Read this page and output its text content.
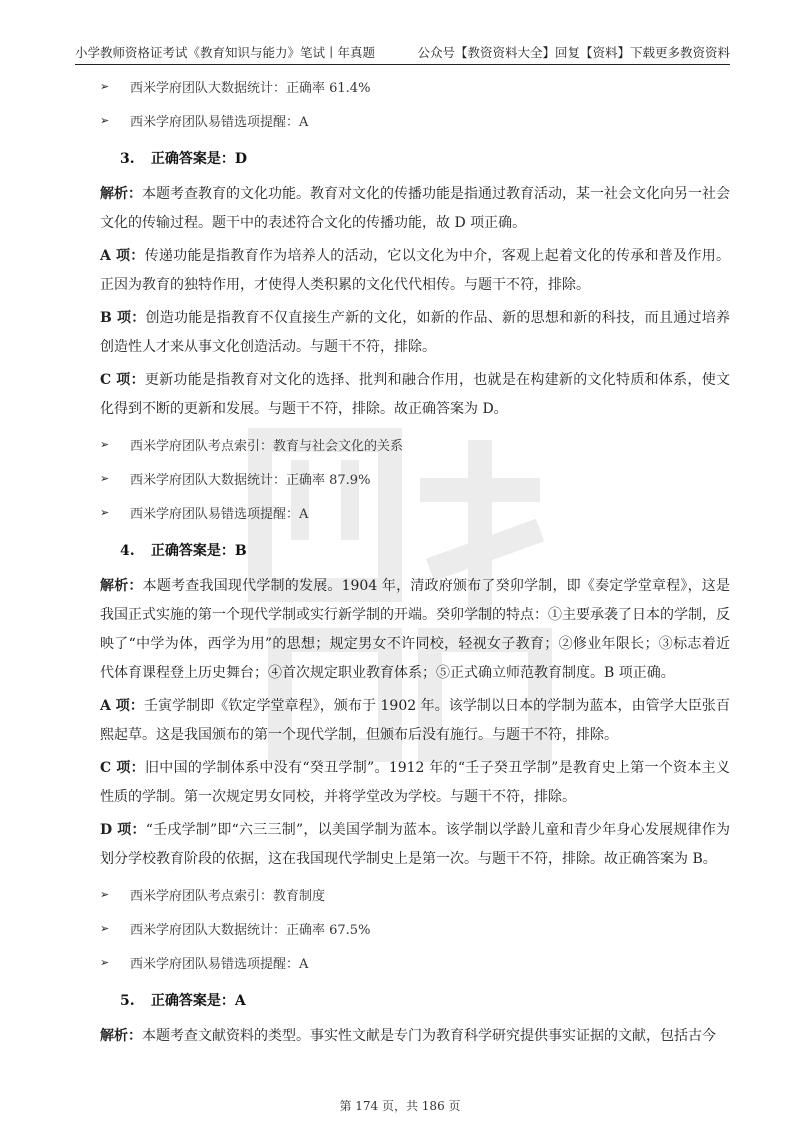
小学教师资格证考试《教育知识与能力》笔试丨年真题	公众号【教资资料大全】回复【资料】下载更多教资资料
➢	西米学府团队大数据统计：正确率 61.4%
➢	西米学府团队易错选项提醒：A
3. 正确答案是：D

解析：本题考查教育的文化功能。教育对文化的传播功能是指通过教育活动，某一社会文化向另一社会文化的传输过程。题干中的表述符合文化的传播功能，故 D 项正确。

A 项：传递功能是指教育作为培养人的活动，它以文化为中介，客观上起着文化的传承和普及作用。正因为教育的独特作用，才使得人类积累的文化代代相传。与题干不符，排除。

B 项：创造功能是指教育不仅直接生产新的文化，如新的作品、新的思想和新的科技，而且通过培养创造性人才来从事文化创造活动。与题干不符，排除。

C 项：更新功能是指教育对文化的选择、批判和融合作用，也就是在构建新的文化特质和体系，使文化得到不断的更新和发展。与题干不符，排除。故正确答案为 D。

➢	西米学府团队考点索引：教育与社会文化的关系
➢	西米学府团队大数据统计：正确率 87.9%
➢	西米学府团队易错选项提醒：A
4. 正确答案是：B

解析：本题考查我国现代学制的发展。1904 年，清政府颁布了癸卯学制，即《奏定学堂章程》，这是我国正式实施的第一个现代学制或实行新学制的开端。癸卯学制的特点：①主要承袭了日本的学制，反映了“中学为体，西学为用”的思想；规定男女不许同校，轻视女子教育；②修业年限长；③标志着近代体育课程登上历史舞台；④首次规定职业教育体系；⑤正式确立师范教育制度。B 项正确。

A 项：壬寅学制即《钦定学堂章程》，颁布于 1902 年。该学制以日本的学制为蓝本，由管学大臣张百熙起草。这是我国颁布的第一个现代学制，但颁布后没有施行。与题干不符，排除。

C 项：旧中国的学制体系中没有“癸丑学制”。1912 年的“壬子癸丑学制”是教育史上第一个资本主义性质的学制。第一次规定男女同校，并将学堂改为学校。与题干不符，排除。

D 项：“壬戌学制”即“六三三制”，以美国学制为蓝本。该学制以学龄儿童和青少年身心发展规律作为划分学校教育阶段的依据，这在我国现代学制史上是第一次。与题干不符，排除。故正确答案为 B。

➢	西米学府团队考点索引：教育制度
➢	西米学府团队大数据统计：正确率 67.5%
➢	西米学府团队易错选项提醒：A
5. 正确答案是：A

解析：本题考查文献资料的类型。事实性文献是专门为教育科学研究提供事实证据的文献，包括古今

第 174 页，共 186 页
